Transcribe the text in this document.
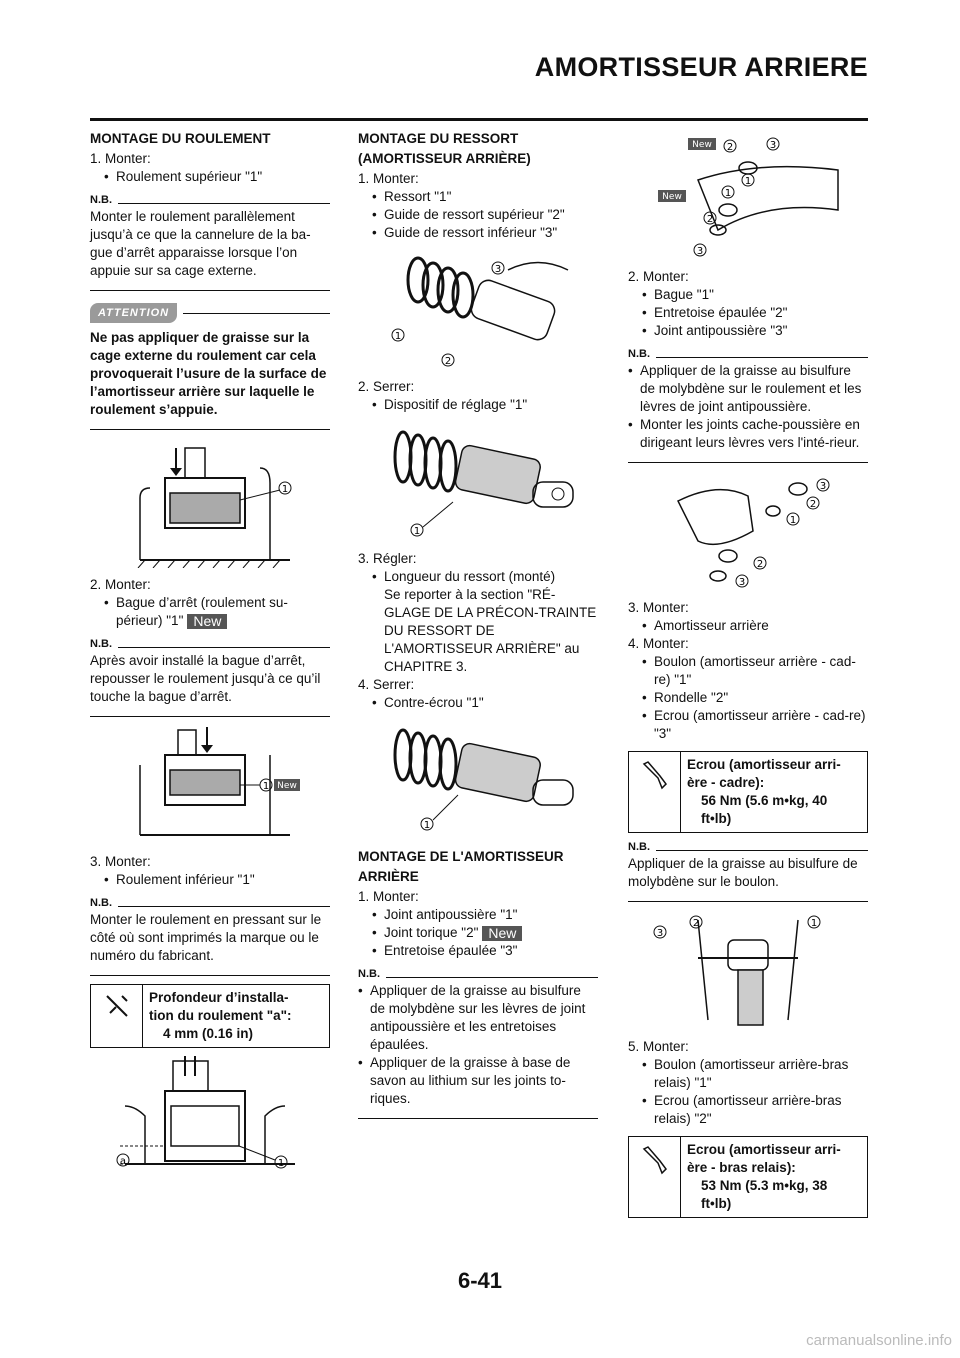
AMORTISSEUR ARRIERE
MONTAGE DU ROULEMENT
1. Monter:
• Roulement supérieur "1"
N.B.
Monter le roulement parallèlement jusqu’à ce que la cannelure de la ba-gue d’arrêt apparaisse lorsque l’on appuie sur sa cage externe.
ATTENTION
Ne pas appliquer de graisse sur la cage externe du roulement car cela provoquerait l’usure de la surface de l’amortisseur arrière sur laquelle le roulement s’appuie.
1
2. Monter:
• Bague d’arrêt (roulement su-
périeur) "1" New
N.B.
Après avoir installé la bague d’arrêt, repousser le roulement jusqu’à ce qu’il touche la bague d’arrêt.
1 New
3. Monter:
• Roulement inférieur "1"
N.B.
Monter le roulement en pressant sur le côté où sont imprimés la marque ou le numéro du fabricant.
Profondeur d’installa-
tion du roulement "a":
4 mm (0.16 in)
a	1
MONTAGE DU RESSORT
(AMORTISSEUR ARRIÈRE)
1. Monter:
• Ressort "1"
• Guide de ressort supérieur "2"
• Guide de ressort inférieur "3"
1
2
3
2. Serrer:
• Dispositif de réglage "1"
1
3. Régler:
• Longueur du ressort (monté)
Se reporter à la section "RÉ-GLAGE DE LA PRÉCON-TRAINTE DU RESSORT DE L'AMORTISSEUR ARRIÈRE" au CHAPITRE 3.
4. Serrer:
• Contre-écrou "1"
1
MONTAGE DE L'AMORTISSEUR
ARRIÈRE
1. Monter:
• Joint antipoussière "1"
• Joint torique "2" New
• Entretoise épaulée "3"
N.B.
• Appliquer de la graisse au bisulfure de molybdène sur les lèvres de joint antipoussière et les entretoises épaulées.
• Appliquer de la graisse à base de savon au lithium sur les joints to-riques.
New
New
2	3
1
1
2
3
2. Monter:
• Bague "1"
• Entretoise épaulée "2"
• Joint antipoussière "3"
N.B.
• Appliquer de la graisse au bisulfure de molybdène sur le roulement et les lèvres de joint antipoussière.
• Monter les joints cache-poussière en dirigeant leurs lèvres vers l'inté-rieur.
3
2
1
2
3
3. Monter:
• Amortisseur arrière
4. Monter:
• Boulon (amortisseur arrière - cad-re) "1"
• Rondelle "2"
• Ecrou (amortisseur arrière - cad-re) "3"
Ecrou (amortisseur arri-
ère - cadre):
56 Nm (5.6 m•kg, 40 ft•lb)
N.B.
Appliquer de la graisse au bisulfure de molybdène sur le boulon.
3
2	1
5. Monter:
• Boulon (amortisseur arrière-bras relais) "1"
• Ecrou (amortisseur arrière-bras relais) "2"
Ecrou (amortisseur arri-
ère - bras relais):
53 Nm (5.3 m•kg, 38 ft•lb)
6-41
carmanualsonline.info
